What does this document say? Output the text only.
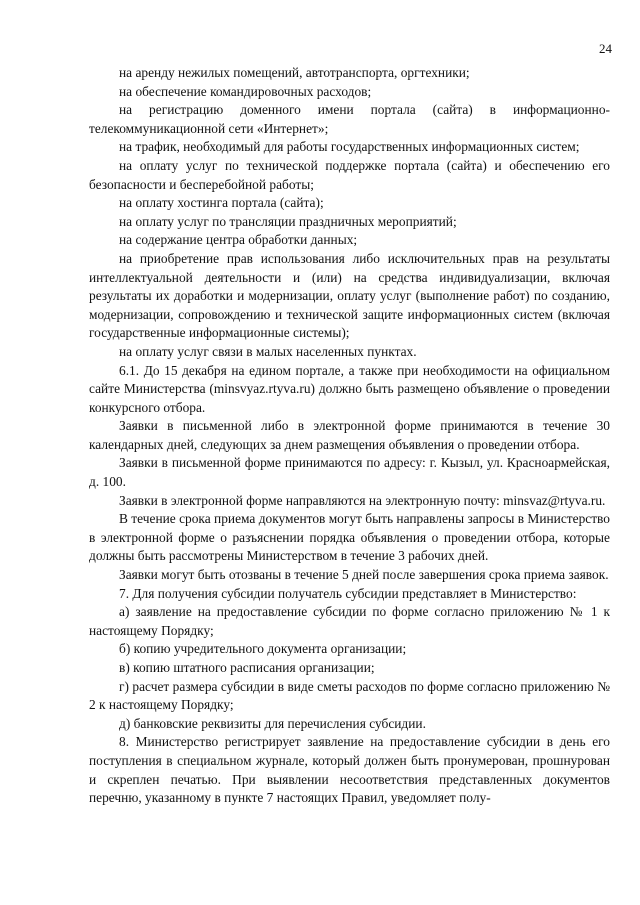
24

на аренду нежилых помещений, автотранспорта, оргтехники;

на обеспечение командировочных расходов;

на регистрацию доменного имени портала (сайта) в информационно-телекоммуникационной сети «Интернет»;

на трафик, необходимый для работы государственных информационных систем;

на оплату услуг по технической поддержке портала (сайта) и обеспечению его безопасности и бесперебойной работы;

на оплату хостинга портала (сайта);

на оплату услуг по трансляции праздничных мероприятий;

на содержание центра обработки данных;

на приобретение прав использования либо исключительных прав на результаты интеллектуальной деятельности и (или) на средства индивидуализации, включая результаты их доработки и модернизации, оплату услуг (выполнение работ) по созданию, модернизации, сопровождению и технической защите информационных систем (включая государственные информационные системы);

на оплату услуг связи в малых населенных пунктах.

6.1. До 15 декабря на едином портале, а также при необходимости на официальном сайте Министерства (minsvyaz.rtyva.ru) должно быть размещено объявление о проведении конкурсного отбора.

Заявки в письменной либо в электронной форме принимаются в течение 30 календарных дней, следующих за днем размещения объявления о проведении отбора.

Заявки в письменной форме принимаются по адресу: г. Кызыл, ул. Красноармейская, д. 100.

Заявки в электронной форме направляются на электронную почту: minsvaz@rtyva.ru.

В течение срока приема документов могут быть направлены запросы в Министерство в электронной форме о разъяснении порядка объявления о проведении отбора, которые должны быть рассмотрены Министерством в течение 3 рабочих дней.

Заявки могут быть отозваны в течение 5 дней после завершения срока приема заявок.

7. Для получения субсидии получатель субсидии представляет в Министерство:

а) заявление на предоставление субсидии по форме согласно приложению № 1 к настоящему Порядку;

б) копию учредительного документа организации;

в) копию штатного расписания организации;

г) расчет размера субсидии в виде сметы расходов по форме согласно приложению № 2 к настоящему Порядку;

д) банковские реквизиты для перечисления субсидии.

8. Министерство регистрирует заявление на предоставление субсидии в день его поступления в специальном журнале, который должен быть пронумерован, прошнурован и скреплен печатью. При выявлении несоответствия представленных документов перечню, указанному в пункте 7 настоящих Правил, уведомляет полу-
